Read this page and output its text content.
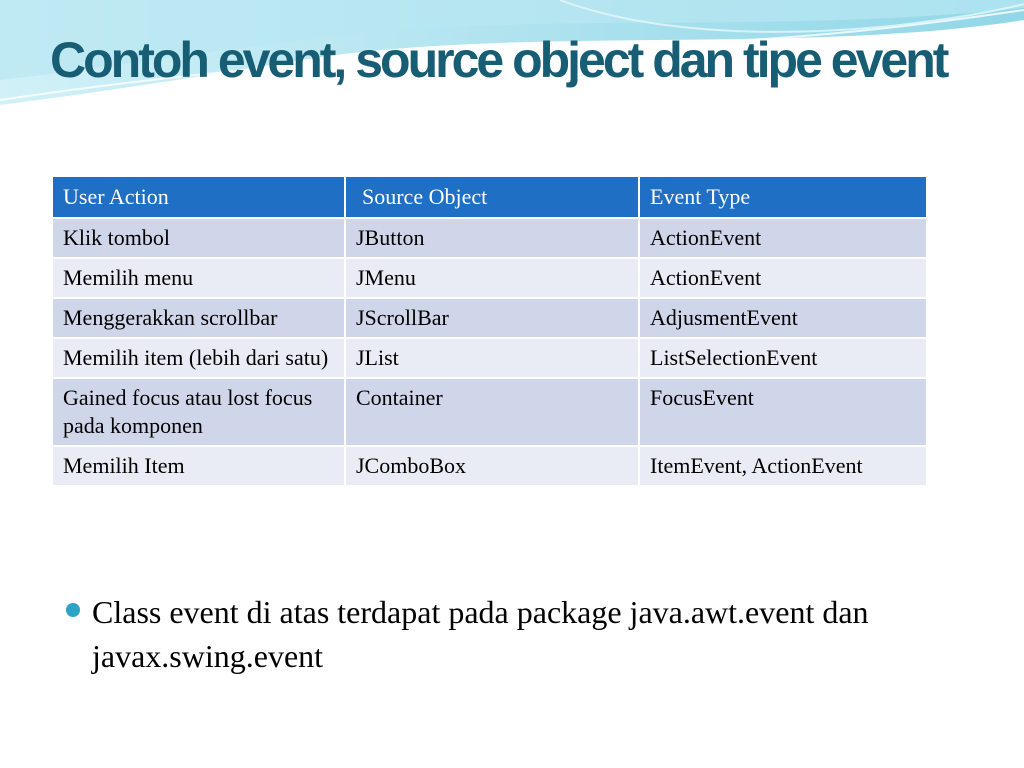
Contoh event, source object dan tipe event
User Action	Source Object	Event Type
Klik tombol	JButton	ActionEvent
Memilih menu	JMenu	ActionEvent
Menggerakkan scrollbar	JScrollBar	AdjusmentEvent
Memilih item (lebih dari satu)	JList	ListSelectionEvent
Gained focus atau lost focus pada komponen	Container	FocusEvent
Memilih Item	JComboBox	ItemEvent, ActionEvent
Class event di atas terdapat pada package java.awt.event dan javax.swing.event
